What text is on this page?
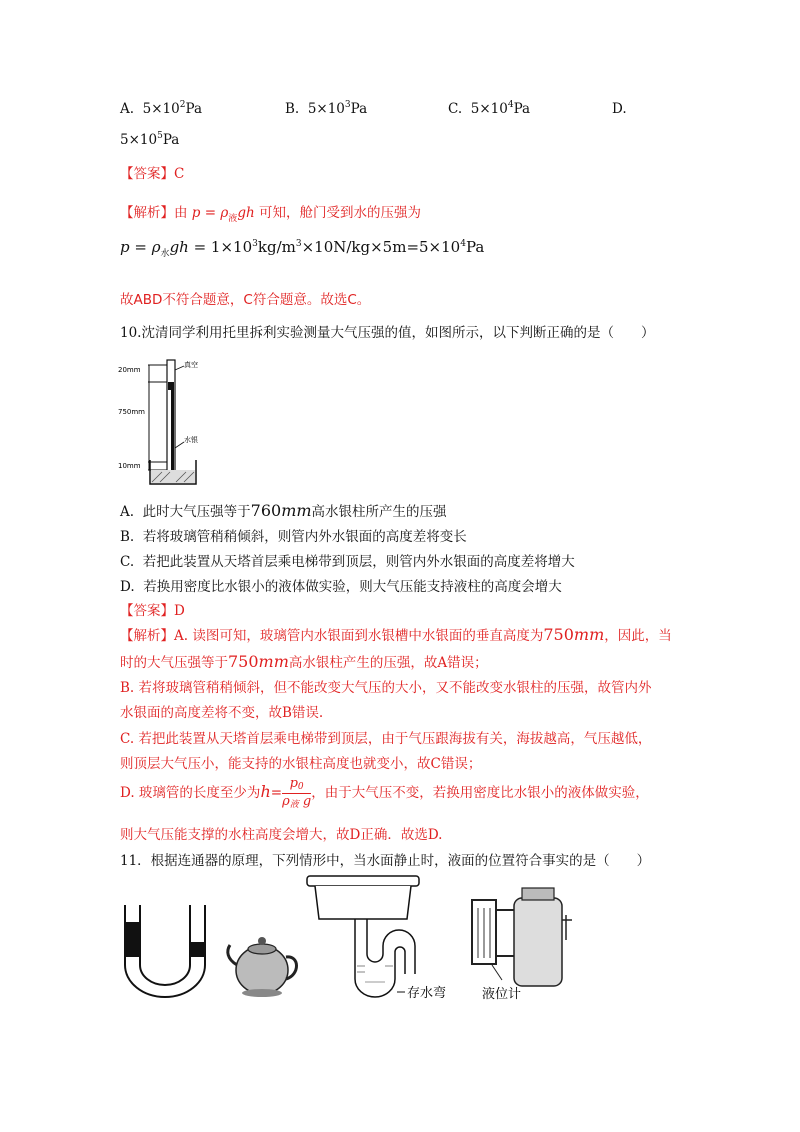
A. $5\times 10^2Pa$	B. $5\times 10^3Pa$	C. $5\times 10^4Pa$	D.
$5\times 10^5Pa$
【答案】C
【解析】由 $p = \rho_液gh$ 可知，舱门受到水的压强为
$p = \rho_水gh = 1\times 10^3kg/m^3\times 10N/kg\times 5m=5\times 10^4Pa$
故ABD不符合题意，C符合题意。故选C。
10.沈清同学利用托里拆利实验测量大气压强的值，如图所示，以下判断正确的是（　　）
20mm
真空
750mm
水银
10mm
A. 此时大气压强等于760mm高水银柱所产生的压强
B. 若将玻璃管稍稍倾斜，则管内外水银面的高度差将变长
C. 若把此装置从天塔首层乘电梯带到顶层，则管内外水银面的高度差将增大
D. 若换用密度比水银小的液体做实验，则大气压能支持液柱的高度会增大
【答案】D
【解析】A. 读图可知，玻璃管内水银面到水银槽中水银面的垂直高度为750mm，因此，当
时的大气压强等于750mm高水银柱产生的压强，故A错误；
B. 若将玻璃管稍稍倾斜，但不能改变大气压的大小，又不能改变水银柱的压强，故管内外
水银面的高度差将不变，故B错误.
C. 若把此装置从天塔首层乘电梯带到顶层，由于气压跟海拔有关，海拔越高，气压越低，
则顶层大气压小，能支持的水银柱高度也就变小，故C错误；
D. 玻璃管的长度至少为$h= \frac{p0}{\text{ρ液 g}}$ ，由于大气压不变，若换用密度比水银小的液体做实验，
则大气压能支撑的水柱高度会增大，故D正确．故选D.
11．根据连通器的原理，下列情形中，当水面静止时，液面的位置符合事实的是（　　）
存水弯	液位计
